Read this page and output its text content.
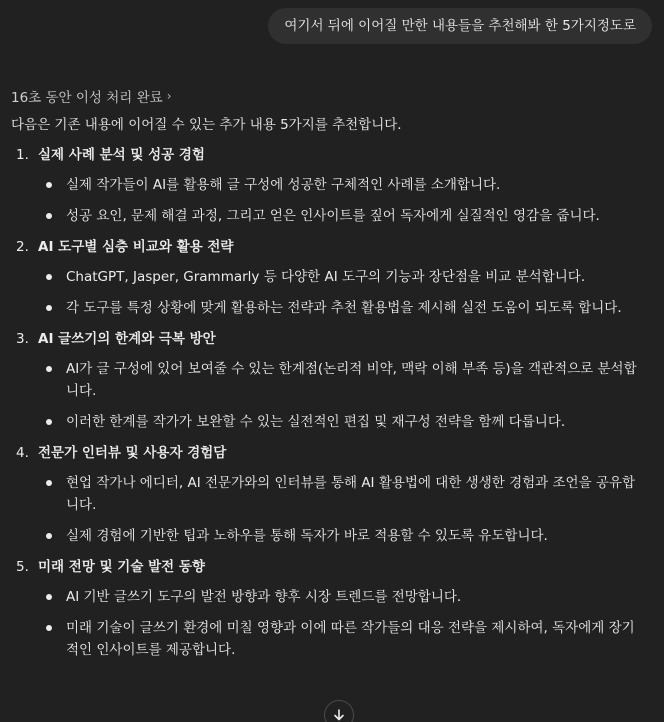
여기서 뒤에 이어질 만한 내용들을 추천해봐 한 5가지정도로
16초 동안 이성 처리 완료 ›

다음은 기존 내용에 이어질 수 있는 추가 내용 5가지를 추천합니다.

1. 실제 사례 분석 및 성공 경험
실제 작가들이 AI를 활용해 글 구성에 성공한 구체적인 사례를 소개합니다.
성공 요인, 문제 해결 과정, 그리고 얻은 인사이트를 짚어 독자에게 실질적인 영감을 줍니다.
2. AI 도구별 심층 비교와 활용 전략
ChatGPT, Jasper, Grammarly 등 다양한 AI 도구의 기능과 장단점을 비교 분석합니다.
각 도구를 특정 상황에 맞게 활용하는 전략과 추천 활용법을 제시해 실전 도움이 되도록 합니다.
3. AI 글쓰기의 한계와 극복 방안
AI가 글 구성에 있어 보여줄 수 있는 한계점(논리적 비약, 맥락 이해 부족 등)을 객관적으로 분석합니다.
이러한 한계를 작가가 보완할 수 있는 실전적인 편집 및 재구성 전략을 함께 다룹니다.
4. 전문가 인터뷰 및 사용자 경험담
현업 작가나 에디터, AI 전문가와의 인터뷰를 통해 AI 활용법에 대한 생생한 경험과 조언을 공유합니다.
실제 경험에 기반한 팁과 노하우를 통해 독자가 바로 적용할 수 있도록 유도합니다.
5. 미래 전망 및 기술 발전 동향
AI 기반 글쓰기 도구의 발전 방향과 향후 시장 트렌드를 전망합니다.
미래 기술이 글쓰기 환경에 미칠 영향과 이에 따른 작가들의 대응 전략을 제시하여, 독자에게 장기적인 인사이트를 제공합니다.
